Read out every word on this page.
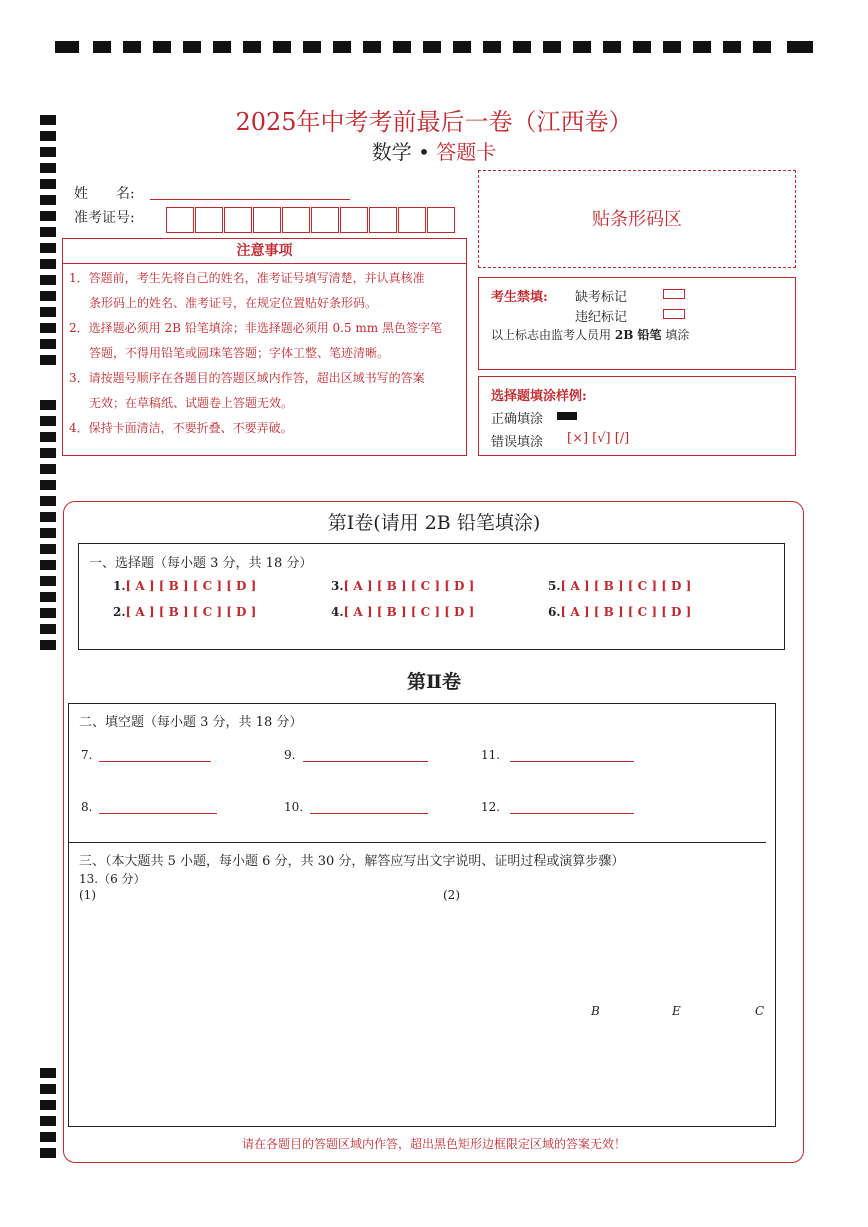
2025年中考考前最后一卷（江西卷）
数学 • 答题卡
姓　　名:
准考证号:	贴条形码区
注意事项
1．答题前，考生先将自己的姓名，准考证号填写清楚，并认真核准
条形码上的姓名、准考证号，在规定位置贴好条形码。
2．选择题必须用 2B 铅笔填涂；非选择题必须用 0.5 mm 黑色签字笔
答题，不得用铅笔或圆珠笔答题；字体工整、笔迹清晰。
3．请按题号顺序在各题目的答题区域内作答，超出区域书写的答案
无效；在草稿纸、试题卷上答题无效。
4．保持卡面清洁，不要折叠、不要弄破。
考生禁填: 缺考标记
违纪标记
以上标志由监考人员用 2B 铅笔 填涂
选择题填涂样例:
正确填涂
错误填涂 [×] [√] [/]
第Ⅰ卷(请用 2B 铅笔填涂)
一、选择题（每小题 3 分，共 18 分）
1.[ A ] [ B ] [ C ] [ D ]
2.[ A ] [ B ] [ C ] [ D ]
3.[ A ] [ B ] [ C ] [ D ]
4.[ A ] [ B ] [ C ] [ D ]
5.[ A ] [ B ] [ C ] [ D ]
6.[ A ] [ B ] [ C ] [ D ]
第Ⅱ卷
二、填空题（每小题 3 分，共 18 分）
7.
8.
9.
10.
11.
12.
三、（本大题共 5 小题，每小题 6 分，共 30 分，解答应写出文字说明、证明过程或演算步骤）
13.（6 分）
(1)	(2)
B	E	C
请在各题目的答题区域内作答，超出黑色矩形边框限定区域的答案无效！
